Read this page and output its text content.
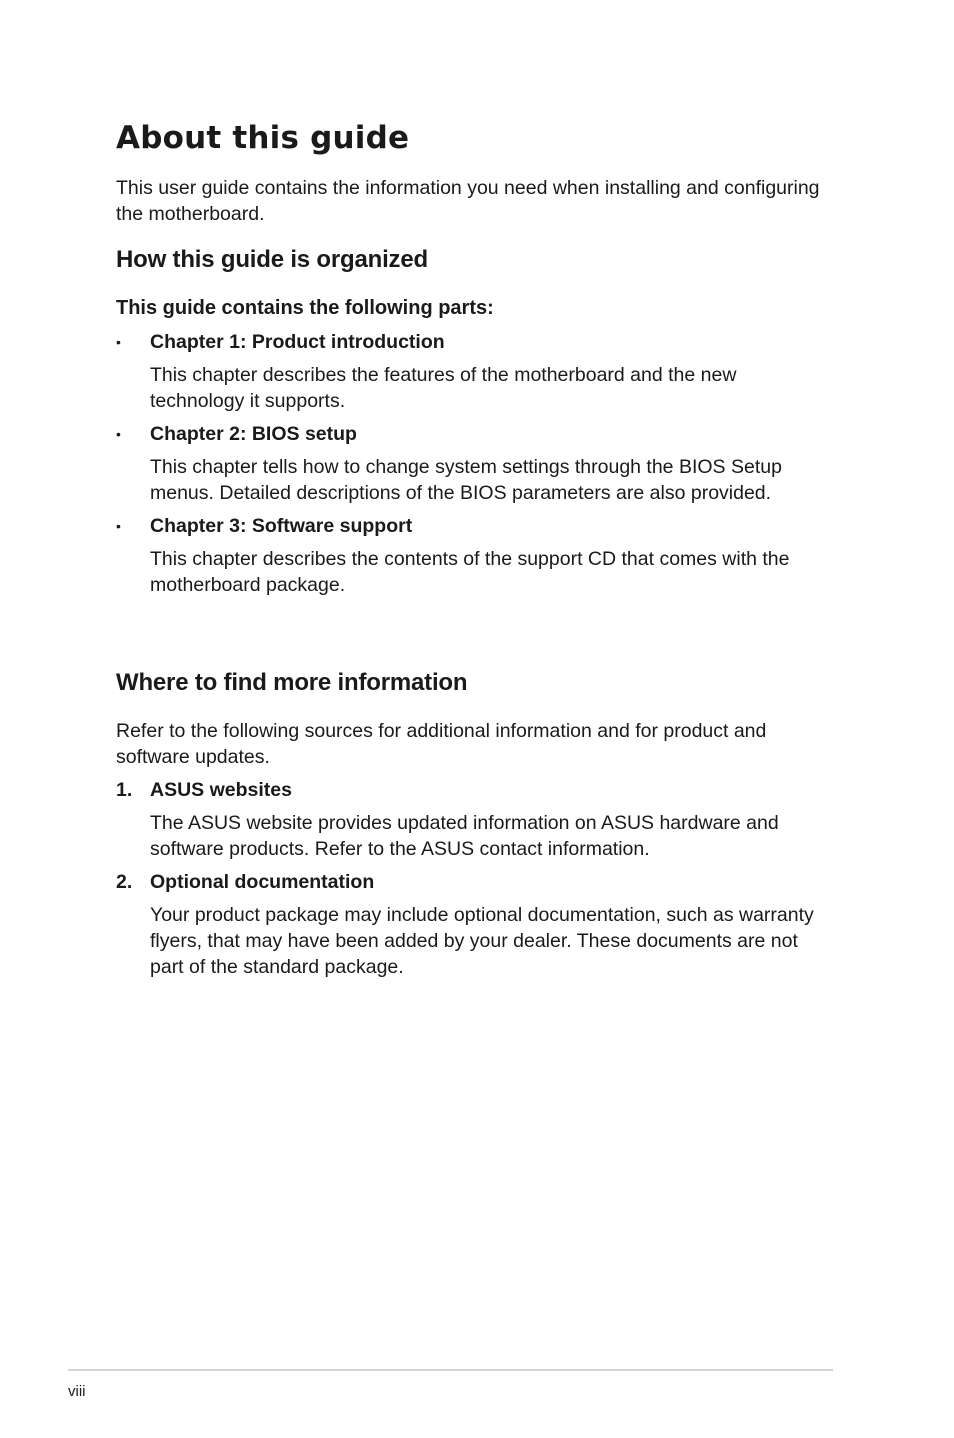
About this guide

This user guide contains the information you need when installing and configuring the motherboard.

How this guide is organized
This guide contains the following parts:
•	Chapter 1: Product introduction

This chapter describes the features of the motherboard and the new technology it supports.

•	Chapter 2: BIOS setup

This chapter tells how to change system settings through the BIOS Setup menus. Detailed descriptions of the BIOS parameters are also provided.

•	Chapter 3: Software support

This chapter describes the contents of the support CD that comes with the motherboard package.

Where to find more information

Refer to the following sources for additional information and for product and software updates.

1. ASUS websites

The ASUS website provides updated information on ASUS hardware and software products. Refer to the ASUS contact information.

2. Optional documentation

Your product package may include optional documentation, such as warranty flyers, that may have been added by your dealer. These documents are not part of the standard package.

viii
